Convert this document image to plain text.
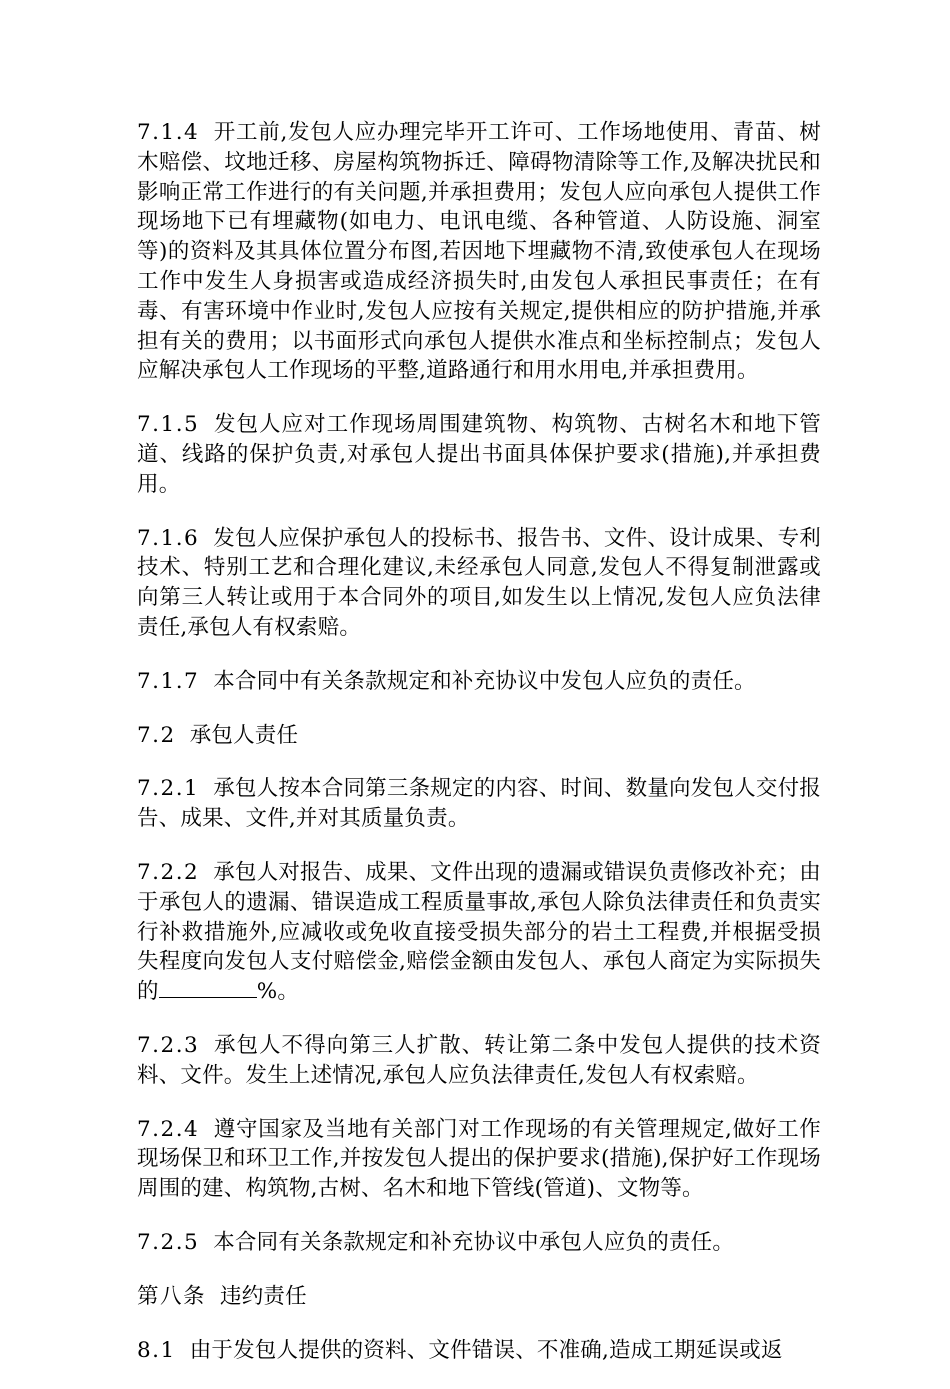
7.1.4 开工前,发包人应办理完毕开工许可、工作场地使用、青苗、树木赔偿、坟地迁移、房屋构筑物拆迁、障碍物清除等工作,及解决扰民和影响正常工作进行的有关问题,并承担费用；发包人应向承包人提供工作现场地下已有埋藏物(如电力、电讯电缆、各种管道、人防设施、洞室等)的资料及其具体位置分布图,若因地下埋藏物不清,致使承包人在现场工作中发生人身损害或造成经济损失时,由发包人承担民事责任；在有毒、有害环境中作业时,发包人应按有关规定,提供相应的防护措施,并承担有关的费用；以书面形式向承包人提供水准点和坐标控制点；发包人应解决承包人工作现场的平整,道路通行和用水用电,并承担费用。

7.1.5 发包人应对工作现场周围建筑物、构筑物、古树名木和地下管道、线路的保护负责,对承包人提出书面具体保护要求(措施),并承担费用。

7.1.6 发包人应保护承包人的投标书、报告书、文件、设计成果、专利技术、特别工艺和合理化建议,未经承包人同意,发包人不得复制泄露或向第三人转让或用于本合同外的项目,如发生以上情况,发包人应负法律责任,承包人有权索赔。

7.1.7 本合同中有关条款规定和补充协议中发包人应负的责任。

7.2 承包人责任

7.2.1 承包人按本合同第三条规定的内容、时间、数量向发包人交付报告、成果、文件,并对其质量负责。

7.2.2 承包人对报告、成果、文件出现的遗漏或错误负责修改补充；由于承包人的遗漏、错误造成工程质量事故,承包人除负法律责任和负责实行补救措施外,应减收或免收直接受损失部分的岩土工程费,并根据受损失程度向发包人支付赔偿金,赔偿金额由发包人、承包人商定为实际损失的	%。

7.2.3 承包人不得向第三人扩散、转让第二条中发包人提供的技术资料、文件。发生上述情况,承包人应负法律责任,发包人有权索赔。

7.2.4 遵守国家及当地有关部门对工作现场的有关管理规定,做好工作现场保卫和环卫工作,并按发包人提出的保护要求(措施),保护好工作现场周围的建、构筑物,古树、名木和地下管线(管道)、文物等。

7.2.5 本合同有关条款规定和补充协议中承包人应负的责任。

第八条 违约责任

8.1 由于发包人提供的资料、文件错误、不准确,造成工期延误或返
